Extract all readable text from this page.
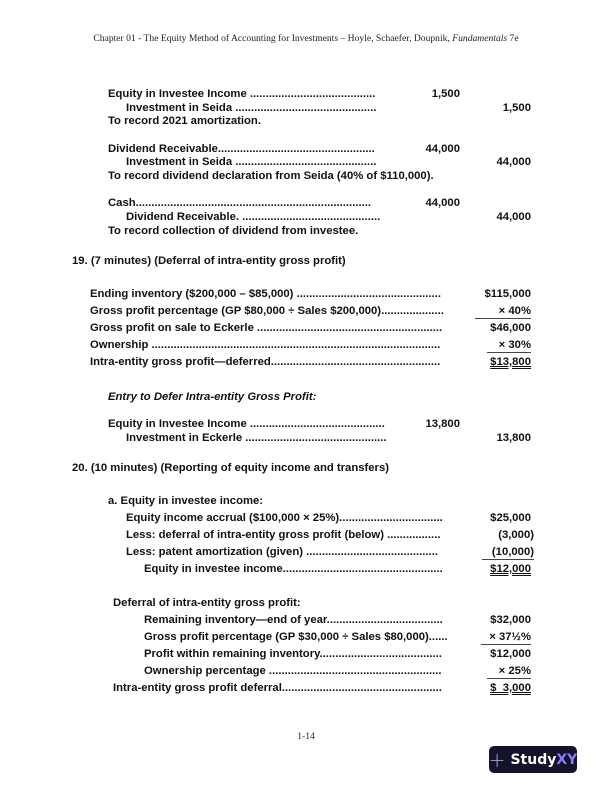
Chapter 01 - The Equity Method of Accounting for Investments – Hoyle, Schaefer, Doupnik, Fundamentals 7e
Equity in Investee Income ........................................	1,500
Investment in Seida .............................................	1,500
To record 2021 amortization.
Dividend Receivable..................................................	44,000
Investment in Seida .............................................	44,000
To record dividend declaration from Seida (40% of $110,000).
Cash...........................................................................	44,000
Dividend Receivable. ............................................	44,000
To record collection of dividend from investee.
19. (7 minutes) (Deferral of intra-entity gross profit)
Ending inventory ($200,000 – $85,000) ..............................................	$115,000
Gross profit percentage (GP $80,000 ÷ Sales $200,000)....................	× 40%
Gross profit on sale to Eckerle ...........................................................	$46,000
Ownership ............................................................................................	× 30%
Intra-entity gross profit—deferred......................................................	$13,800
Entry to Defer Intra-entity Gross Profit:
Equity in Investee Income ...........................................	13,800
Investment in Eckerle .............................................	13,800
20. (10 minutes) (Reporting of equity income and transfers)
a. Equity in investee income:
Equity income accrual ($100,000 × 25%).................................	$25,000
Less: deferral of intra-entity gross profit (below) .................	(3,000)
Less: patent amortization (given) ..........................................	(10,000)
Equity in investee income...................................................	$12,000
Deferral of intra-entity gross profit:
Remaining inventory—end of year.....................................	$32,000
Gross profit percentage (GP $30,000 ÷ Sales $80,000)......	× 37½%
Profit within remaining inventory.......................................	$12,000
Ownership percentage .......................................................	× 25%
Intra-entity gross profit deferral...................................................	$  3,000
1-14
+ StudyXY
